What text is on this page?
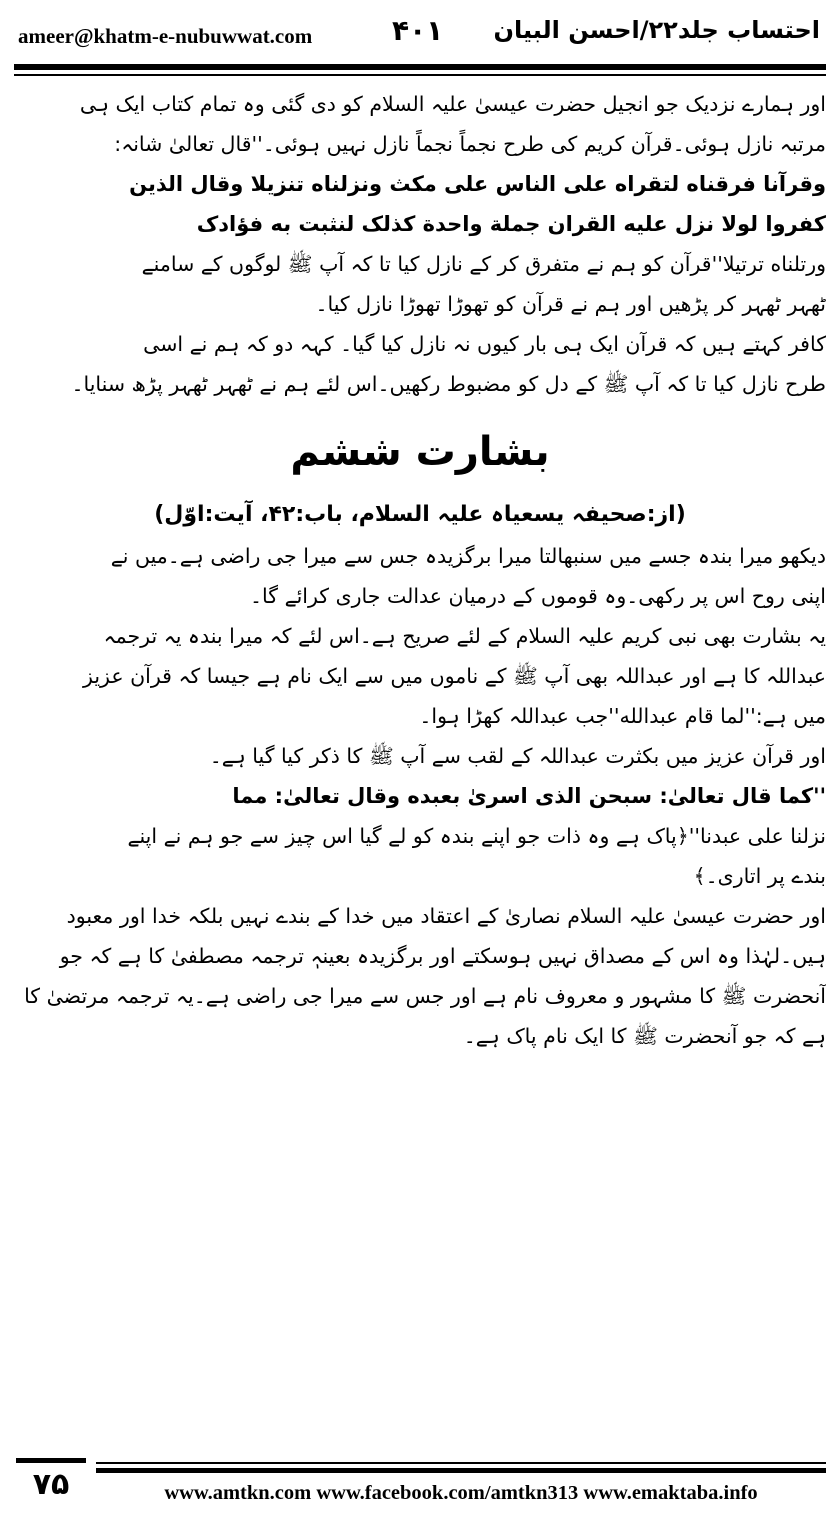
ameer@khatm-e-nubuwwat.com	۴۰۱ احتساب جلد۲۲/احسن البیان

اور ہمارے نزدیک جو انجیل حضرت عیسیٰ علیہ السلام کو دی گئی وہ تمام کتاب ایک ہی

مرتبہ نازل ہوئی۔قرآن کریم کی طرح نجماً نجماً نازل نہیں ہوئی۔''قال تعالیٰ شانہ:

وقرآنا فرقناه لتقراه علی الناس علی مکث ونزلناه تنزیلا وقال الذین

کفروا لولا نزل علیه القران جملة واحدة کذلک لنثبت به فؤادک

ورتلناه ترتیلا''قرآن کو ہم نے متفرق کر کے نازل کیا تا کہ آپ ﷺ لوگوں کے سامنے

ٹھہر ٹھہر کر پڑھیں اور ہم نے قرآن کو تھوڑا تھوڑا نازل کیا۔

کافر کہتے ہیں کہ قرآن ایک ہی بار کیوں نہ نازل کیا گیا۔ کہہ دو کہ ہم نے اسی

طرح نازل کیا تا کہ آپ ﷺ کے دل کو مضبوط رکھیں۔اس لئے ہم نے ٹھہر ٹھہر پڑھ سنایا۔

بشارت ششم
(از:صحیفہ یسعیاہ علیہ السلام، باب:۴۲، آیت:اوّل)

دیکھو میرا بندہ جسے میں سنبھالتا میرا برگزیدہ جس سے میرا جی راضی ہے۔میں نے

اپنی روح اس پر رکھی۔وہ قوموں کے درمیان عدالت جاری کرائے گا۔

یہ بشارت بھی نبی کریم علیہ السلام کے لئے صریح ہے۔اس لئے کہ میرا بندہ یہ ترجمہ

عبداللہ کا ہے اور عبداللہ بھی آپ ﷺ کے ناموں میں سے ایک نام ہے جیسا کہ قرآن عزیز

میں ہے:''لما قام عبدالله''جب عبداللہ کھڑا ہوا۔

اور قرآن عزیز میں بکثرت عبداللہ کے لقب سے آپ ﷺ کا ذکر کیا گیا ہے۔

''کما قال تعالیٰ: سبحن الذی اسریٰ بعبده وقال تعالیٰ: مما

نزلنا علی عبدنا''﴿پاک ہے وہ ذات جو اپنے بندہ کو لے گیا اس چیز سے جو ہم نے اپنے

بندے پر اتاری۔﴾

اور حضرت عیسیٰ علیہ السلام نصاریٰ کے اعتقاد میں خدا کے بندے نہیں بلکہ خدا اور معبود

ہیں۔لہٰذا وہ اس کے مصداق نہیں ہوسکتے اور برگزیدہ بعینہٖ ترجمہ مصطفیٰ کا ہے کہ جو

آنحضرت ﷺ کا مشہور و معروف نام ہے اور جس سے میرا جی راضی ہے۔یہ ترجمہ مرتضیٰ کا

ہے کہ جو آنحضرت ﷺ کا ایک نام پاک ہے۔

۷۵	www.amtkn.com www.facebook.com/amtkn313 www.emaktaba.info
